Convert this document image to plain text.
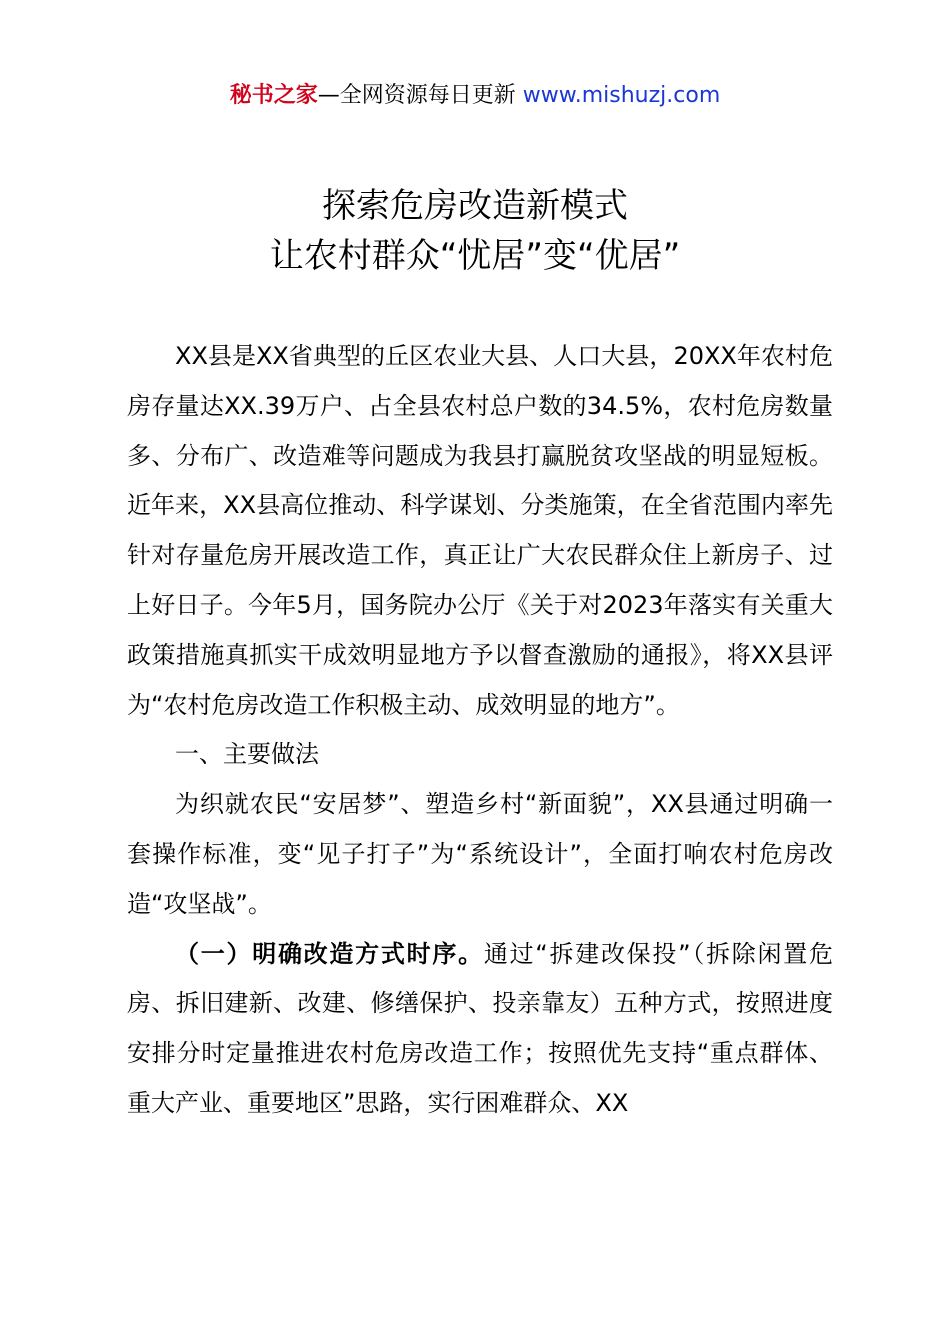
秘书之家—全网资源每日更新 www.mishuzj.com
探索危房改造新模式
让农村群众“忧居”变“优居”

XX县是XX省典型的丘区农业大县、人口大县，20XX年农村危房存量达XX.39万户、占全县农村总户数的34.5%，农村危房数量多、分布广、改造难等问题成为我县打赢脱贫攻坚战的明显短板。近年来，XX县高位推动、科学谋划、分类施策，在全省范围内率先针对存量危房开展改造工作，真正让广大农民群众住上新房子、过上好日子。今年5月，国务院办公厅《关于对2023年落实有关重大政策措施真抓实干成效明显地方予以督查激励的通报》，将XX县评为“农村危房改造工作积极主动、成效明显的地方”。

一、主要做法

为织就农民“安居梦”、塑造乡村“新面貌”，XX县通过明确一套操作标准，变“见子打子”为“系统设计”，全面打响农村危房改造“攻坚战”。

（一）明确改造方式时序。通过“拆建改保投”（拆除闲置危房、拆旧建新、改建、修缮保护、投亲靠友）五种方式，按照进度安排分时定量推进农村危房改造工作；按照优先支持“重点群体、重大产业、重要地区”思路，实行困难群众、XX
